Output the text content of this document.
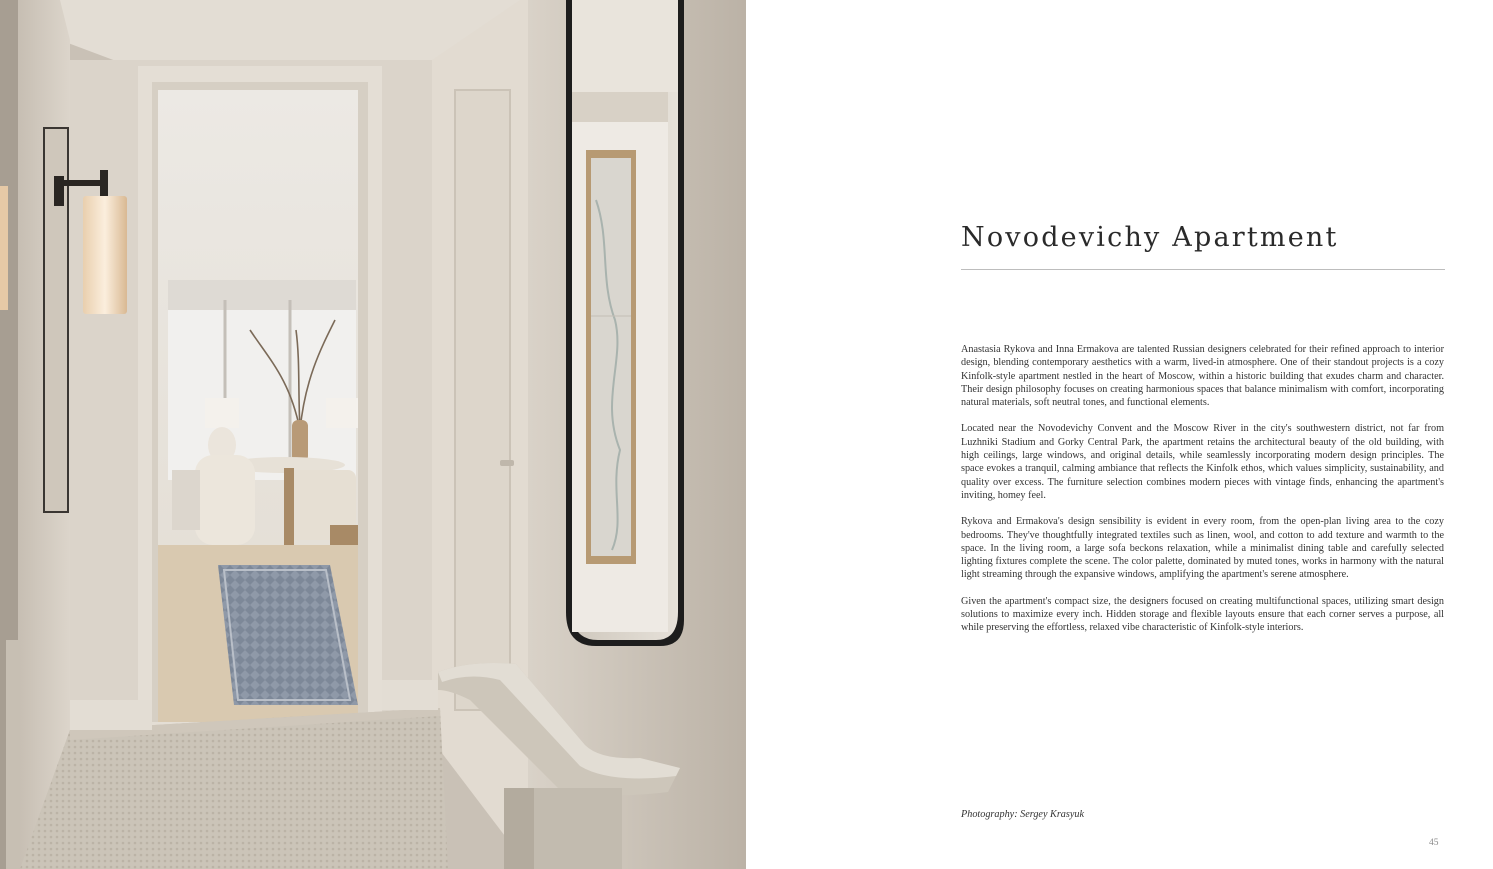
Novodevichy Apartment

Anastasia Rykova and Inna Ermakova are talented Russian designers celebrated for their refined approach to interior design, blending contemporary aesthetics with a warm, lived-in atmosphere. One of their standout projects is a cozy Kinfolk-style apartment nestled in the heart of Moscow, within a historic building that exudes charm and character. Their design philosophy focuses on creating harmonious spaces that balance minimalism with comfort, incorporating natural materials, soft neutral tones, and functional elements.

Located near the Novodevichy Convent and the Moscow River in the city's southwestern district, not far from Luzhniki Stadium and Gorky Central Park, the apartment retains the architectural beauty of the old building, with high ceilings, large windows, and original details, while seamlessly incorporating modern design principles. The space evokes a tranquil, calming ambiance that reflects the Kinfolk ethos, which values simplicity, sustainability, and quality over excess. The furniture selection combines modern pieces with vintage finds, enhancing the apartment's inviting, homey feel.

Rykova and Ermakova's design sensibility is evident in every room, from the open-plan living area to the cozy bedrooms. They've thoughtfully integrated textiles such as linen, wool, and cotton to add texture and warmth to the space. In the living room, a large sofa beckons relaxation, while a minimalist dining table and carefully selected lighting fixtures complete the scene. The color palette, dominated by muted tones, works in harmony with the natural light streaming through the expansive windows, amplifying the apartment's serene atmosphere.

Given the apartment's compact size, the designers focused on creating multifunctional spaces, utilizing smart design solutions to maximize every inch. Hidden storage and flexible layouts ensure that each corner serves a purpose, all while preserving the effortless, relaxed vibe characteristic of Kinfolk-style interiors.

Photography: Sergey Krasyuk

45
